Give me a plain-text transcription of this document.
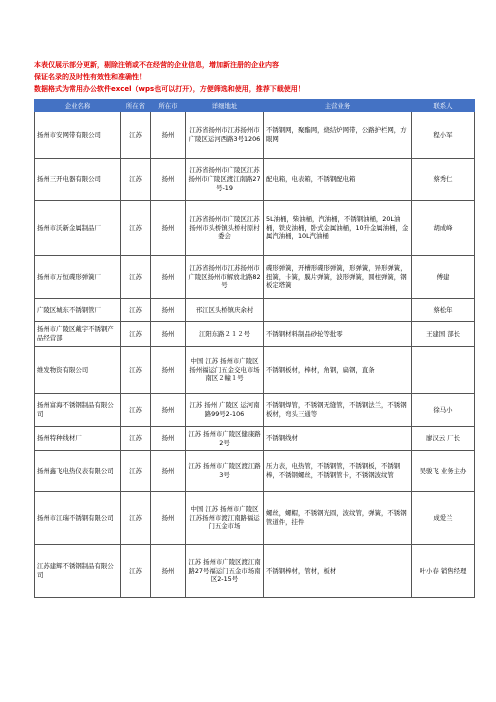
本表仅展示部分更新，剔除注销或不在经营的企业信息，增加新注册的企业内容
保证名录的及时性有效性和准确性！
数据格式为常用办公软件excel（wps也可以打开），方便筛选和使用，推荐下载使用！
企业名称	所在省	所在市	详细地址	主营业务	联系人
扬州市安网带有限公司	江苏	扬州	江苏省扬州市江苏扬州市广陵区运河西路3号1206	不锈钢网，聚酯网，烧结炉网带，公路护栏网，方眼网	程小军
扬州三开电器有限公司	江苏	扬州	江苏省扬州市广陵区江苏扬州市广陵区渡江南路27号-19	配电箱，电表箱，不锈钢配电箱	蔡秀仁
扬州市沃新金属制品厂	江苏	扬州	江苏省扬州市广陵区江苏扬州市头桥镇头桥村原村委会	5L油桶，柴油桶，汽油桶，不锈钢油桶，20L油桶，铁皮油桶，卧式金属油桶，10升金属油桶，金属汽油桶，10L汽油桶	胡成峰
扬州市万恒碟形弹簧厂	江苏	扬州	江苏省扬州市江苏扬州市广陵区扬州市解放北路82号	碟形弹簧，开槽形碟形弹簧，形弹簧，异形弹簧，扭簧，卡簧，膜片弹簧，波形弹簧，圆柱弹簧，钢板定塔簧	傅建
广陵区城东不锈钢管厂	江苏	扬州	邗江区头桥镇庆余村		蔡松年
扬州市广陵区戴宇不锈钢产品经营部	江苏	扬州	江阳东路２１２号	不锈钢材料制品砂轮等批零	王建国 部长
维发物资有限公司	江苏	扬州	中国 江苏 扬州市广陵区 扬州福运门五金交电市场南区２幢１号	不锈钢板材，棒材，角钢，扁钢，直条	
扬州富海不锈钢制品有限公司	江苏	扬州	江苏 扬州 广陵区 运河南路99号2-106	不锈钢焊管，不锈钢无缝管，不锈钢法兰，不锈钢板材，弯头三通等	徐马小
扬州特种线材厂	江苏	扬州	江苏 扬州市广陵区健康路2号	不锈钢线材	廖汉云 厂长
扬州鑫飞电热仪表有限公司	江苏	扬州	江苏 扬州市广陵区渡江路3号	压力表，电热管，不锈钢管，不锈钢板，不锈钢棒，不锈钢螺丝，不锈钢管卡，不锈钢波纹管	吴骏飞 业务主办
扬州市江瑞不锈钢有限公司	江苏	扬州	中国 江苏 扬州市广陵区 江苏扬州市渡江南路福运门五金市场	螺丝，螺帽，不锈钢光圆，波纹管，弹簧，不锈钢管道件，挂件	成爱兰
江苏建辉不锈钢制品有限公司	江苏	扬州	江苏 扬州市广陵区渡江南路27号福运门五金市场南区2-15号	不锈钢棒材，管材，板材	叶小春 销售经理
